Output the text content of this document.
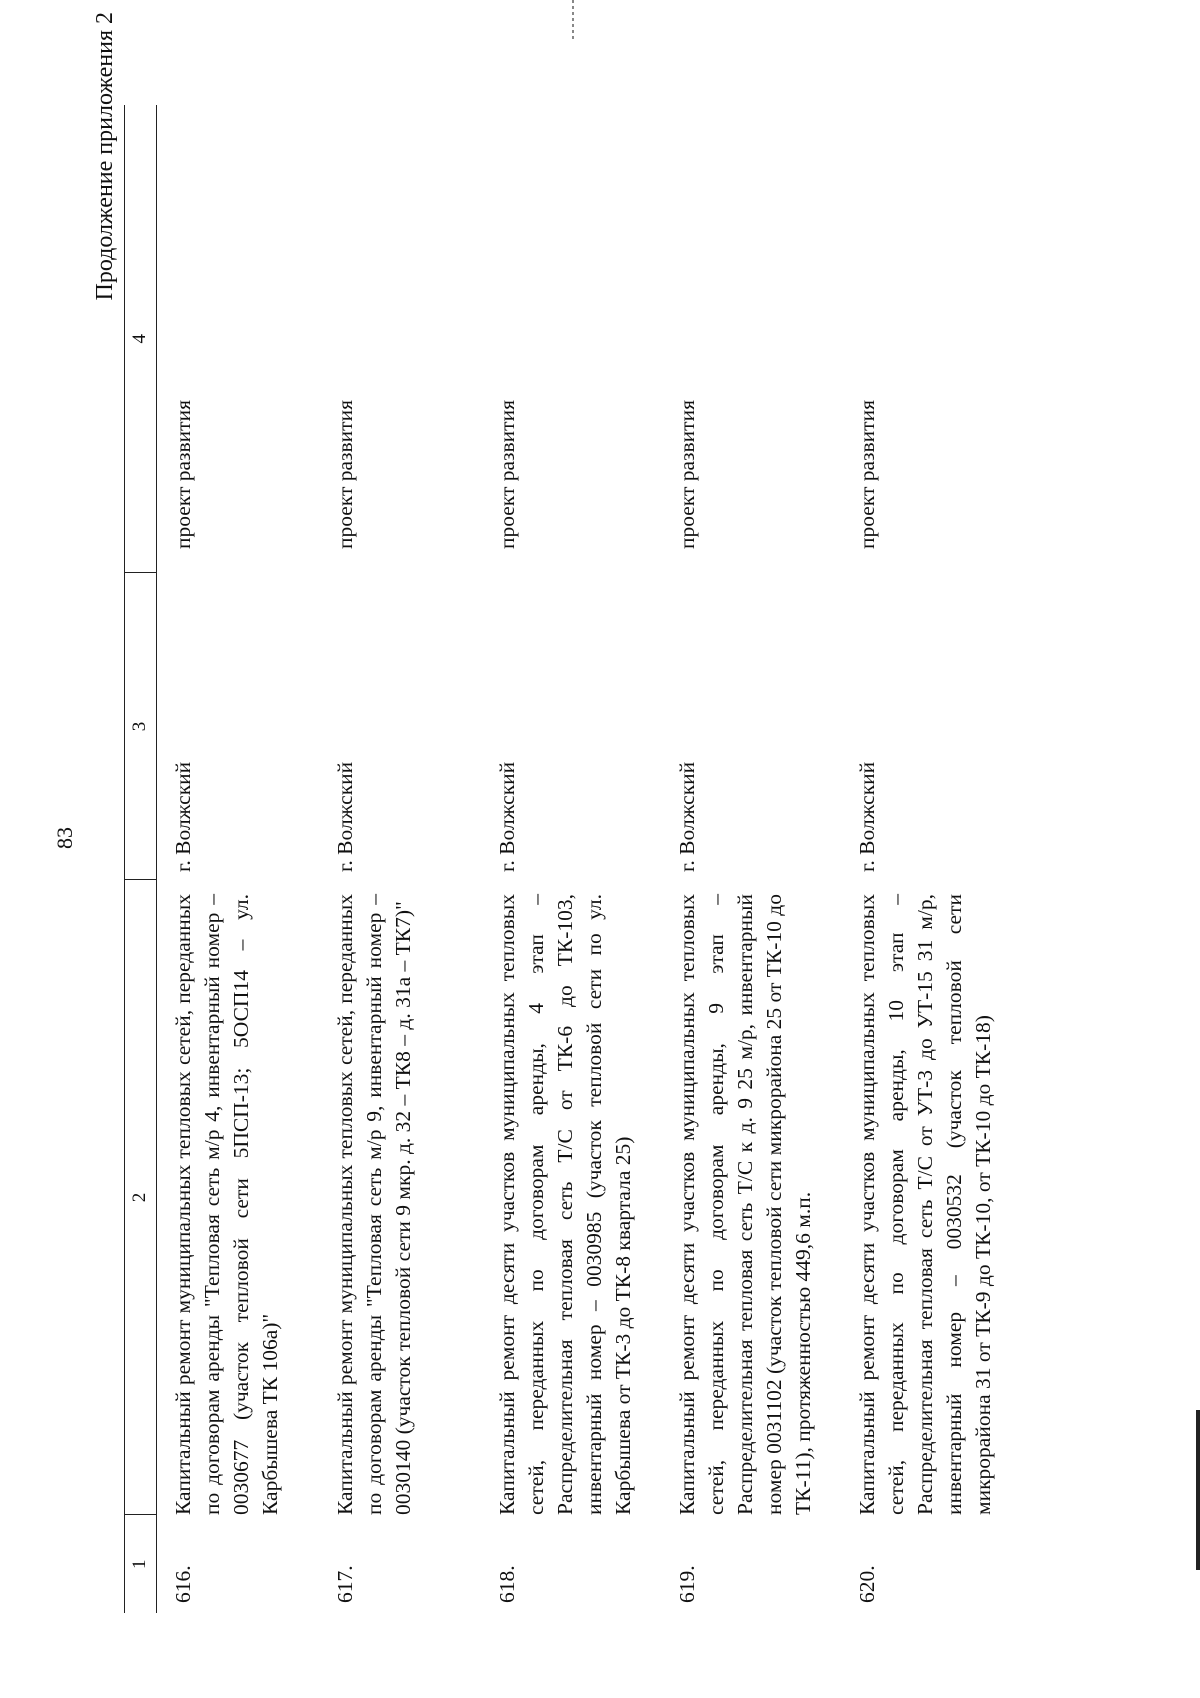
83
Продолжение приложения 2
1	2	3	4
616.	Капитальный ремонт муниципальных тепловых сетей, переданных по договорам аренды "Тепловая сеть м/р 4, инвентарный номер – 0030677 (участок тепловой сети 5ПСП-13; 5ОСП14 – ул. Карбышева ТК 106а)"	г. Волжский	проект развития
617.	Капитальный ремонт муниципальных тепловых сетей, переданных по договорам аренды "Тепловая сеть м/р 9, инвентарный номер – 0030140 (участок тепловой сети 9 мкр. д. 32 – ТК8 – д. 31а – ТК7)"	г. Волжский	проект развития
618.	Капитальный ремонт десяти участков муниципальных тепловых сетей, переданных по договорам аренды, 4 этап – Распределительная тепловая сеть Т/С от ТК-6 до ТК-103, инвентарный номер – 0030985 (участок тепловой сети по ул. Карбышева от ТК-3 до ТК-8 квартала 25)	г. Волжский	проект развития
619.	Капитальный ремонт десяти участков муниципальных тепловых сетей, переданных по договорам аренды, 9 этап – Распределительная тепловая сеть Т/С к д. 9 25 м/р, инвентарный номер 0031102 (участок тепловой сети микрорайона 25 от ТК-10 до ТК-11), протяженностью 449,6 м.п.	г. Волжский	проект развития
620.	Капитальный ремонт десяти участков муниципальных тепловых сетей, переданных по договорам аренды, 10 этап – Распределительная тепловая сеть Т/С от УТ-3 до УТ-15 31 м/р, инвентарный номер – 0030532 (участок тепловой сети микрорайона 31 от ТК-9 до ТК-10, от ТК-10 до ТК-18)	г. Волжский	проект развития
